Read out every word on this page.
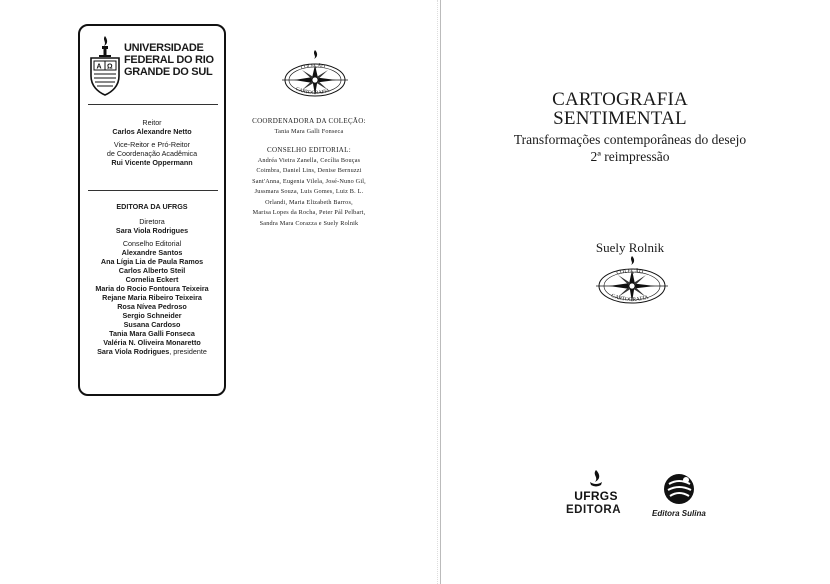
A Ω
UNIVERSIDADE
FEDERAL DO RIO
GRANDE DO SUL
Reitor
Carlos Alexandre Netto
Vice-Reitor e Pró-Reitor
de Coordenação Acadêmica
Rui Vicente Oppermann
EDITORA DA UFRGS
Diretora
Sara Viola Rodrigues
Conselho Editorial
Alexandre Santos
Ana Lígia Lia de Paula Ramos
Carlos Alberto Steil
Cornelia Eckert
Maria do Rocio Fontoura Teixeira
Rejane Maria Ribeiro Teixeira
Rosa Nívea Pedroso
Sergio Schneider
Susana Cardoso
Tania Mara Galli Fonseca
Valéria N. Oliveira Monaretto
Sara Viola Rodrigues, presidente
COLEÇÃO
CARTOGRAFIA
COORDENADORA DA COLEÇÃO:
Tania Mara Galli Fonseca
CONSELHO EDITORIAL:
Andréa Vieira Zanella, Cecília Bouças
Coimbra, Daniel Lins, Denise Bernuzzi
Sant'Anna, Eugenia Vilela, José-Nuno Gil,
Jussmara Souza, Luis Gomes, Luiz B. L.
Orlandi, Maria Elizabeth Barros,
Marisa Lopes da Rocha, Peter Pál Pelbart,
Sandra Mara Corazza e Suely Rolnik
CARTOGRAFIA
SENTIMENTAL
Transformações contemporâneas do desejo
2ª reimpressão
Suely Rolnik
COLEÇÃO
CARTOGRAFIA
UFRGS
EDITORA	Editora Sulina
